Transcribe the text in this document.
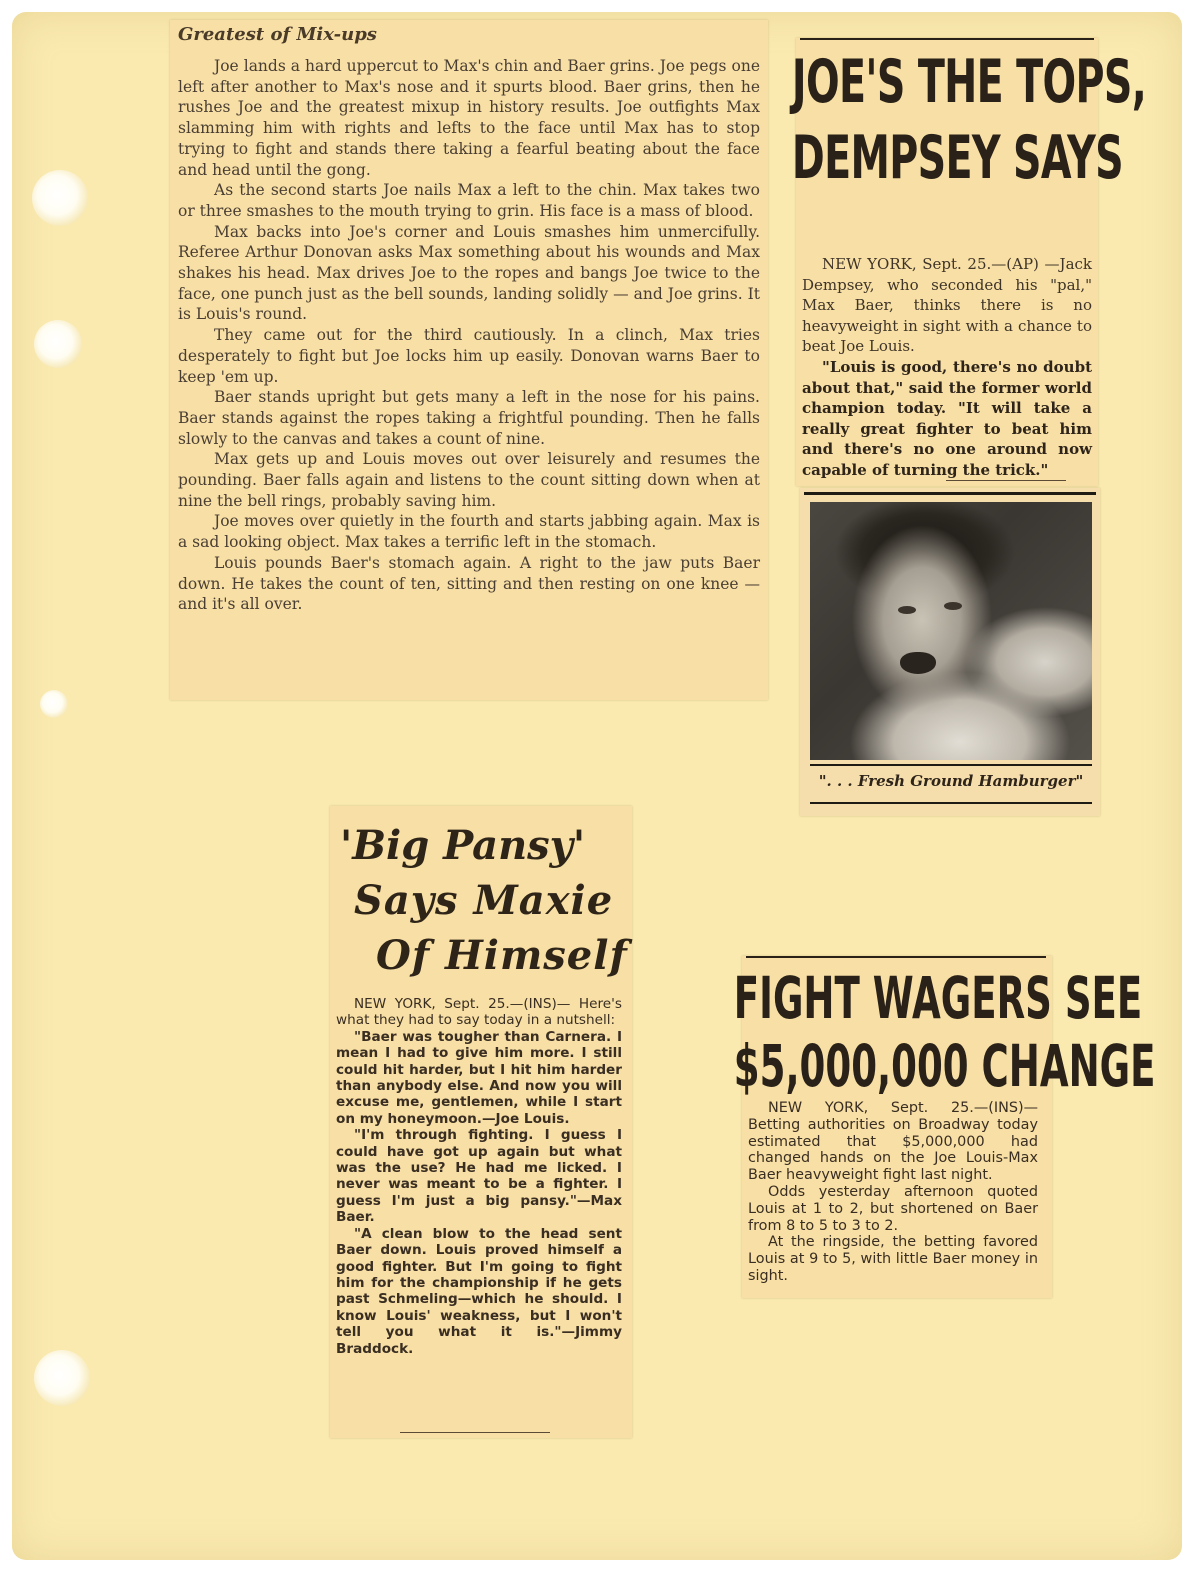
Greatest of Mix-ups

Joe lands a hard uppercut to Max's chin and Baer grins. Joe pegs one left after another to Max's nose and it spurts blood. Baer grins, then he rushes Joe and the greatest mixup in history results. Joe outfights Max slamming him with rights and lefts to the face until Max has to stop trying to fight and stands there taking a fearful beating about the face and head until the gong.

As the second starts Joe nails Max a left to the chin. Max takes two or three smashes to the mouth trying to grin. His face is a mass of blood.

Max backs into Joe's corner and Louis smashes him unmercifully. Referee Arthur Donovan asks Max something about his wounds and Max shakes his head. Max drives Joe to the ropes and bangs Joe twice to the face, one punch just as the bell sounds, landing solidly — and Joe grins. It is Louis's round.

They came out for the third cautiously. In a clinch, Max tries desperately to fight but Joe locks him up easily. Donovan warns Baer to keep 'em up.

Baer stands upright but gets many a left in the nose for his pains. Baer stands against the ropes taking a frightful pounding. Then he falls slowly to the canvas and takes a count of nine.

Max gets up and Louis moves out over leisurely and resumes the pounding. Baer falls again and listens to the count sitting down when at nine the bell rings, probably saving him.

Joe moves over quietly in the fourth and starts jabbing again. Max is a sad looking object. Max takes a terrific left in the stomach.

Louis pounds Baer's stomach again. A right to the jaw puts Baer down. He takes the count of ten, sitting and then resting on one knee — and it's all over.

JOE'S THE TOPS,
DEMPSEY SAYS

NEW YORK, Sept. 25.—(AP) —Jack Dempsey, who seconded his "pal," Max Baer, thinks there is no heavyweight in sight with a chance to beat Joe Louis.

"Louis is good, there's no doubt about that," said the former world champion today. "It will take a really great fighter to beat him and there's no one around now capable of turning the trick."

". . . Fresh Ground Hamburger"
'Big Pansy'
Says Maxie
Of Himself

NEW YORK, Sept. 25.—(INS)— Here's what they had to say today in a nutshell:

"Baer was tougher than Carnera. I mean I had to give him more. I still could hit harder, but I hit him harder than anybody else. And now you will excuse me, gentlemen, while I start on my honeymoon.—Joe Louis.

"I'm through fighting. I guess I could have got up again but what was the use? He had me licked. I never was meant to be a fighter. I guess I'm just a big pansy."—Max Baer.

"A clean blow to the head sent Baer down. Louis proved himself a good fighter. But I'm going to fight him for the championship if he gets past Schmeling—which he should. I know Louis' weakness, but I won't tell you what it is."—Jimmy Braddock.

FIGHT WAGERS SEE
$5,000,000 CHANGE

NEW YORK, Sept. 25.—(INS)— Betting authorities on Broadway today estimated that $5,000,000 had changed hands on the Joe Louis-Max Baer heavyweight fight last night.

Odds yesterday afternoon quoted Louis at 1 to 2, but shortened on Baer from 8 to 5 to 3 to 2.

At the ringside, the betting favored Louis at 9 to 5, with little Baer money in sight.
